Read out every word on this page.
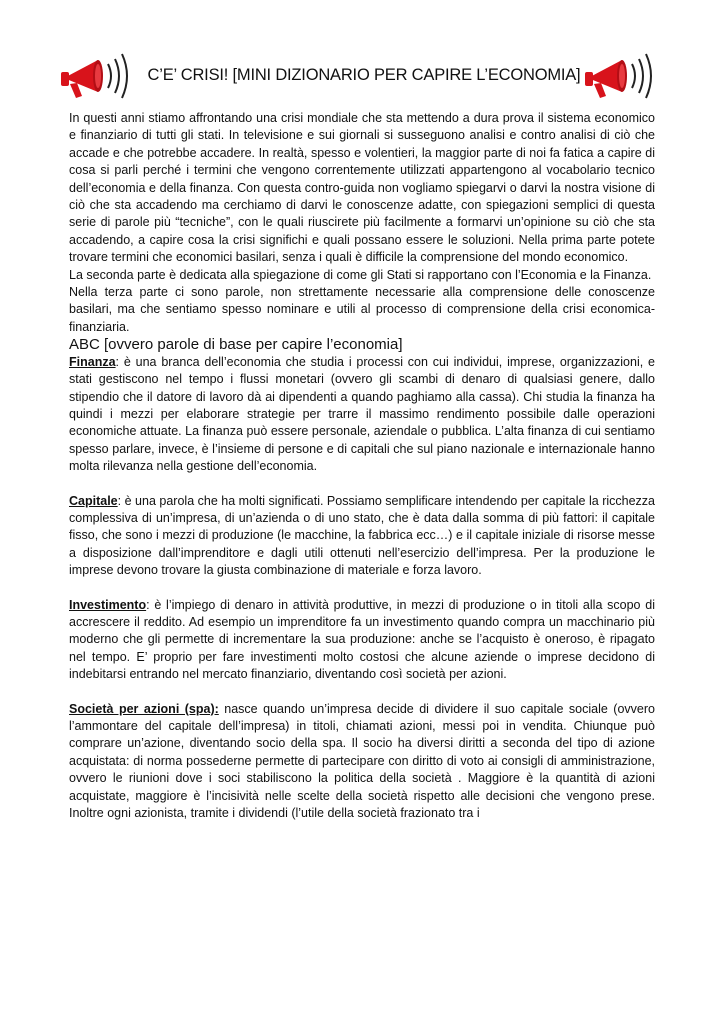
C’E’ CRISI! [MINI DIZIONARIO PER CAPIRE L’ECONOMIA]

In questi anni stiamo affrontando una crisi mondiale che sta mettendo a dura prova il sistema economico e finanziario di tutti gli stati. In televisione e sui giornali si susseguono analisi e contro analisi di ciò che accade e che potrebbe accadere. In realtà, spesso e volentieri, la maggior parte di noi fa fatica a capire di cosa si parli perché i termini che vengono correntemente utilizzati appartengono al vocabolario tecnico dell’economia e della finanza. Con questa contro-guida non vogliamo spiegarvi o darvi la nostra visione di ciò che sta accadendo ma cerchiamo di darvi le conoscenze adatte, con spiegazioni semplici di questa serie di parole più “tecniche”, con le quali riuscirete più facilmente a formarvi un’opinione su ciò che sta accadendo, a capire cosa la crisi significhi e quali possano essere le soluzioni. Nella prima parte potete trovare termini che economici basilari, senza i quali è difficile la comprensione del mondo economico.

La seconda parte è dedicata alla spiegazione di come gli Stati si rapportano con l’Economia e la Finanza.

Nella terza parte ci sono parole, non strettamente necessarie alla comprensione delle conoscenze basilari, ma che sentiamo spesso nominare e utili al processo di comprensione della crisi economica-finanziaria.

ABC [ovvero parole di base per capire l’economia]

Finanza: è una branca dell’economia che studia i processi con cui individui, imprese, organizzazioni, e stati gestiscono nel tempo i flussi monetari (ovvero gli scambi di denaro di qualsiasi genere, dallo stipendio che il datore di lavoro dà ai dipendenti a quando paghiamo alla cassa). Chi studia la finanza ha quindi i mezzi per elaborare strategie per trarre il massimo rendimento possibile dalle operazioni economiche attuate. La finanza può essere personale, aziendale o pubblica. L’alta finanza di cui sentiamo spesso parlare, invece, è l’insieme di persone e di capitali che sul piano nazionale e internazionale hanno molta rilevanza nella gestione dell’economia.

Capitale: è una parola che ha molti significati. Possiamo semplificare intendendo per capitale la ricchezza complessiva di un’impresa, di un’azienda o di uno stato, che è data dalla somma di più fattori: il capitale fisso, che sono i mezzi di produzione (le macchine, la fabbrica ecc…) e il capitale iniziale di risorse messe a disposizione dall’imprenditore e dagli utili ottenuti nell’esercizio dell’impresa. Per la produzione le imprese devono trovare la giusta combinazione di materiale e forza lavoro.

Investimento: è l’impiego di denaro in attività produttive, in mezzi di produzione o in titoli alla scopo di accrescere il reddito. Ad esempio un imprenditore fa un investimento quando compra un macchinario più moderno che gli permette di incrementare la sua produzione: anche se l’acquisto è oneroso, è ripagato nel tempo. E’ proprio per fare investimenti molto costosi che alcune aziende o imprese decidono di indebitarsi entrando nel mercato finanziario, diventando così società per azioni.

Società per azioni (spa): nasce quando un’impresa decide di dividere il suo capitale sociale (ovvero l’ammontare del capitale dell’impresa) in titoli, chiamati azioni, messi poi in vendita. Chiunque può comprare un’azione, diventando socio della spa. Il socio ha diversi diritti a seconda del tipo di azione acquistata: di norma possederne permette di partecipare con diritto di voto ai consigli di amministrazione, ovvero le riunioni dove i soci stabiliscono la politica della società . Maggiore è la quantità di azioni acquistate, maggiore è l’incisività nelle scelte della società rispetto alle decisioni che vengono prese. Inoltre ogni azionista, tramite i dividendi (l’utile della società frazionato tra i
